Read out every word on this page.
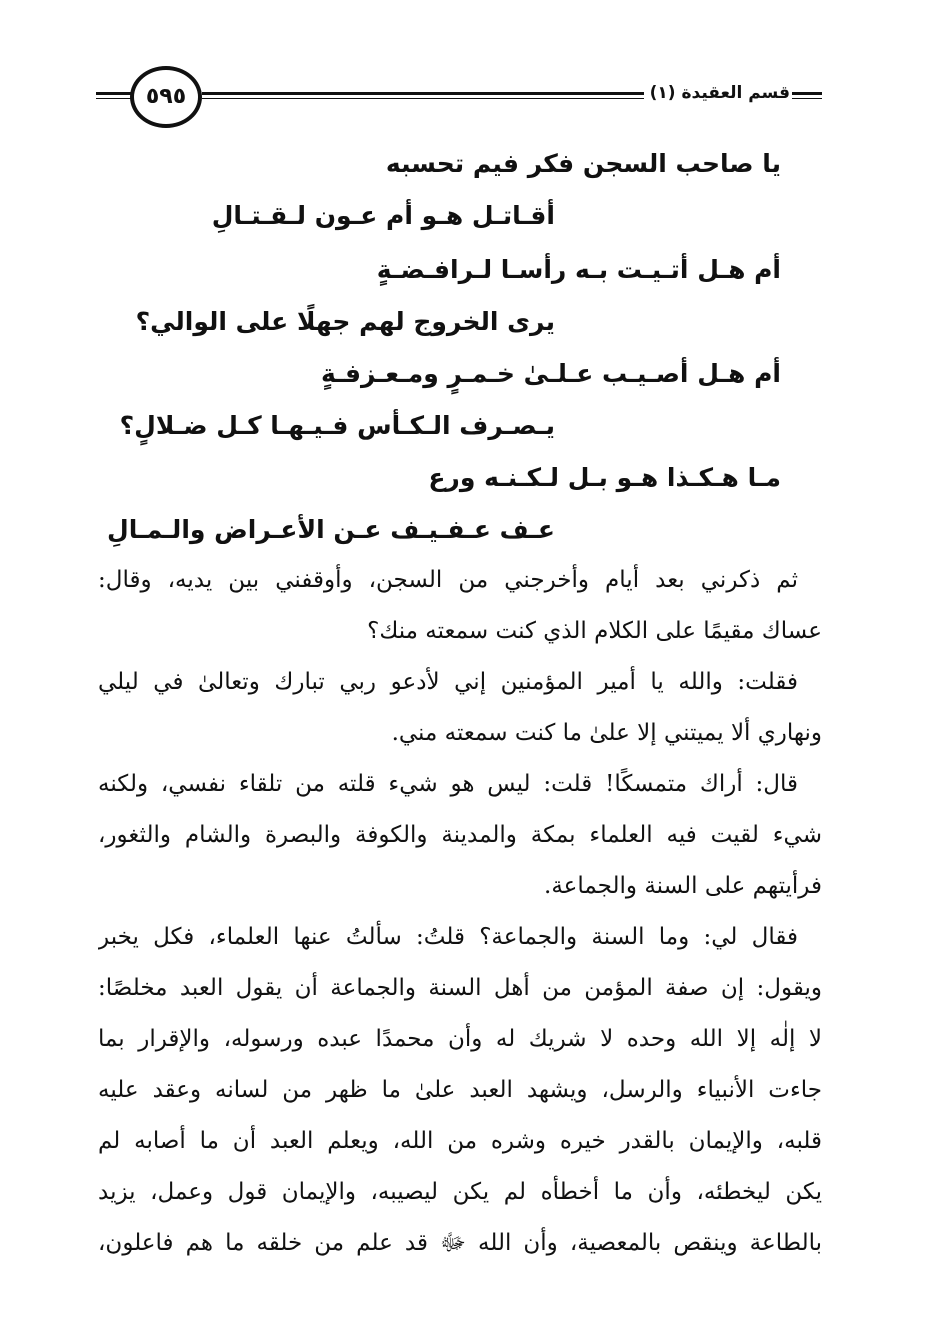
٥٩٥	قسم العقيدة (١)
يا صاحب السجن فكر فيم تحسبه
أقـاتـل هـو أم عـون لـقـتـالِ
أم هـل أتـيـت بـه رأسـا لـرافـضـةٍ
يرى الخروج لهم جهلًا على الوالي؟
أم هـل أصـيـب عـلـىٰ خـمـرٍ ومـعـزفـةٍ
يـصـرف الـكـأس فـيـهـا كـل ضـلالٍ؟
مـا هـكـذا هـو بـل لـكـنـه ورع
عـف عـفـيـف عـن الأعـراض والـمـالِ
ثم ذكرني بعد أيام وأخرجني من السجن، وأوقفني بين يديه، وقال:
عساك مقيمًا على الكلام الذي كنت سمعته منك؟
فقلت: والله يا أمير المؤمنين إني لأدعو ربي تبارك وتعالىٰ في ليلي
ونهاري ألا يميتني إلا علىٰ ما كنت سمعته مني.
قال: أراك متمسكًا! قلت: ليس هو شيء قلته من تلقاء نفسي، ولكنه
شيء لقيت فيه العلماء بمكة والمدينة والكوفة والبصرة والشام والثغور،
فرأيتهم على السنة والجماعة.
فقال لي: وما السنة والجماعة؟ قلتُ: سألتُ عنها العلماء، فكل يخبر
ويقول: إن صفة المؤمن من أهل السنة والجماعة أن يقول العبد مخلصًا:
لا إلٰه إلا الله وحده لا شريك له وأن محمدًا عبده ورسوله، والإقرار بما
جاءت الأنبياء والرسل، ويشهد العبد علىٰ ما ظهر من لسانه وعقد عليه
قلبه، والإيمان بالقدر خيره وشره من الله، ويعلم العبد أن ما أصابه لم
يكن ليخطئه، وأن ما أخطأه لم يكن ليصيبه، والإيمان قول وعمل، يزيد
بالطاعة وينقص بالمعصية، وأن الله ﷻ قد علم من خلقه ما هم فاعلون،
